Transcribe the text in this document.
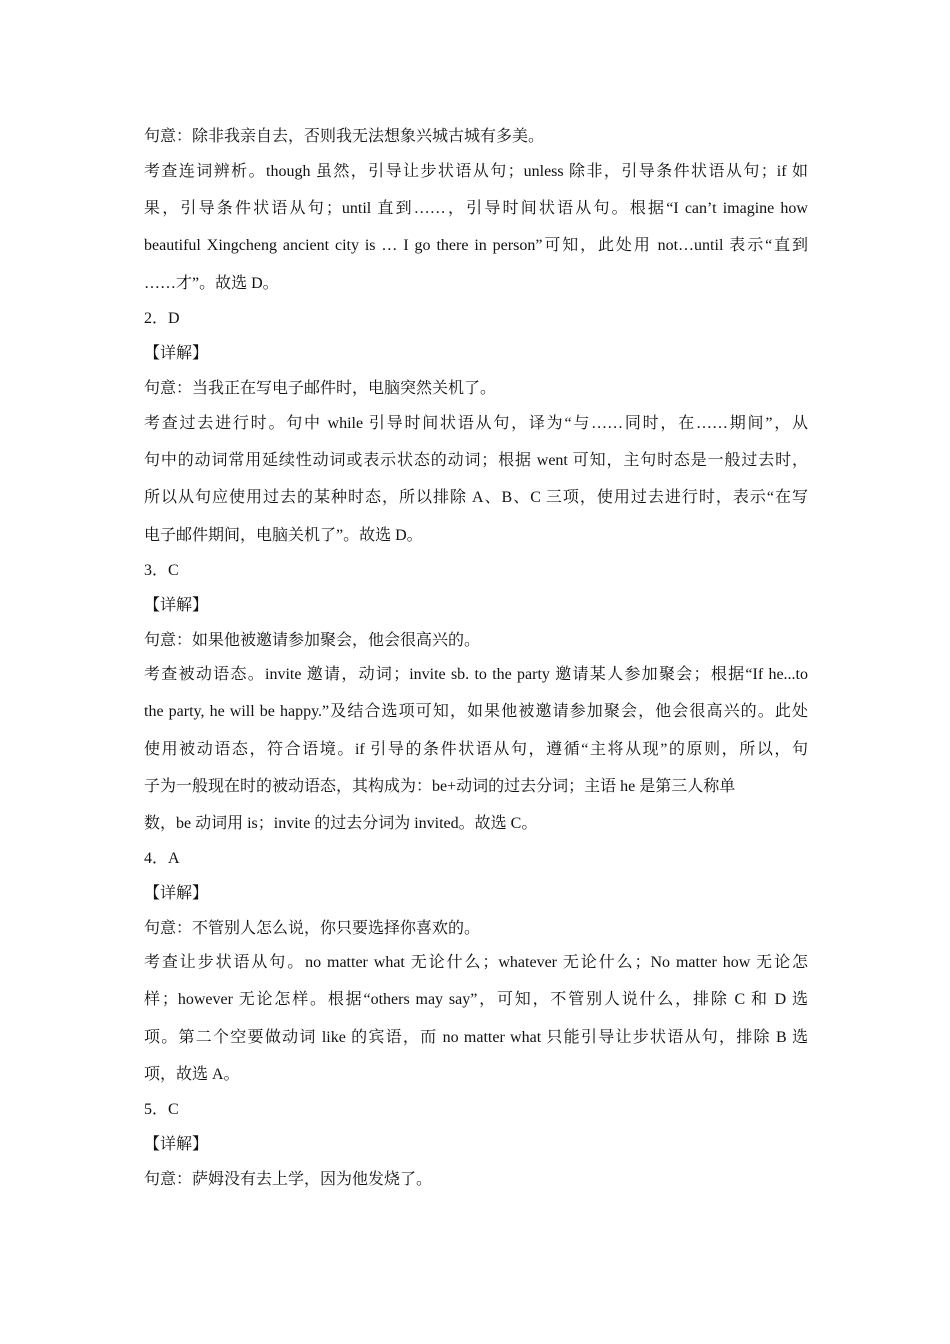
句意：除非我亲自去，否则我无法想象兴城古城有多美。
考查连词辨析。though 虽然，引导让步状语从句；unless 除非，引导条件状语从句；if 如
果，引导条件状语从句；until 直到……，引导时间状语从句。根据“I can’t imagine how
beautiful Xingcheng ancient city is … I go there in person”可知，此处用 not…until 表示“直到
……才”。故选 D。
2．D
【详解】
句意：当我正在写电子邮件时，电脑突然关机了。
考查过去进行时。句中 while 引导时间状语从句，译为“与……同时，在……期间”，从
句中的动词常用延续性动词或表示状态的动词；根据 went 可知，主句时态是一般过去时，
所以从句应使用过去的某种时态，所以排除 A、B、C 三项，使用过去进行时，表示“在写
电子邮件期间，电脑关机了”。故选 D。
3．C
【详解】
句意：如果他被邀请参加聚会，他会很高兴的。
考查被动语态。invite 邀请，动词；invite sb. to the party 邀请某人参加聚会；根据“If he...to
the party, he will be happy.”及结合选项可知，如果他被邀请参加聚会，他会很高兴的。此处
使用被动语态，符合语境。if 引导的条件状语从句，遵循“主将从现”的原则，所以，句
子为一般现在时的被动语态，其构成为：be+动词的过去分词；主语 he 是第三人称单
数，be 动词用 is；invite 的过去分词为 invited。故选 C。
4．A
【详解】
句意：不管别人怎么说，你只要选择你喜欢的。
考查让步状语从句。no matter what 无论什么；whatever 无论什么；No matter how 无论怎
样；however 无论怎样。根据“others may say”，可知，不管别人说什么，排除 C 和 D 选
项。第二个空要做动词 like 的宾语，而 no matter what 只能引导让步状语从句，排除 B 选
项，故选 A。
5．C
【详解】
句意：萨姆没有去上学，因为他发烧了。
